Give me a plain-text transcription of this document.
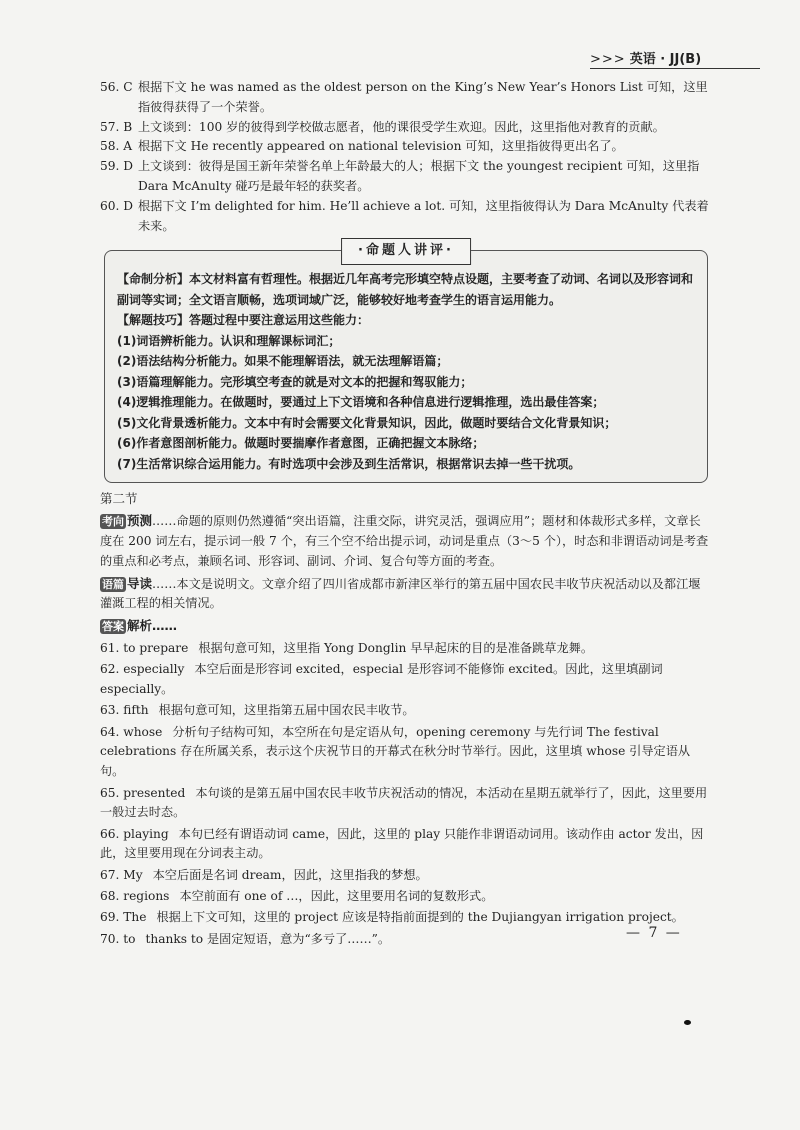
>>> 英语 · JJ(B)
56. C 根据下文 he was named as the oldest person on the King’s New Year’s Honors List 可知，这里指彼得获得了一个荣誉。
57. B 上文谈到：100 岁的彼得到学校做志愿者，他的课很受学生欢迎。因此，这里指他对教育的贡献。
58. A 根据下文 He recently appeared on national television 可知，这里指彼得更出名了。
59. D 上文谈到：彼得是国王新年荣誉名单上年龄最大的人；根据下文 the youngest recipient 可知，这里指 Dara McAnulty 碰巧是最年轻的获奖者。
60. D 根据下文 I’m delighted for him. He’ll achieve a lot. 可知，这里指彼得认为 Dara McAnulty 代表着未来。
·命题人讲评·

【命制分析】本文材料富有哲理性。根据近几年高考完形填空特点设题，主要考查了动词、名词以及形容词和副词等实词；全文语言顺畅，选项词域广泛，能够较好地考查学生的语言运用能力。

【解题技巧】答题过程中要注意运用这些能力：

(1)词语辨析能力。认识和理解课标词汇；

(2)语法结构分析能力。如果不能理解语法，就无法理解语篇；

(3)语篇理解能力。完形填空考查的就是对文本的把握和驾驭能力；

(4)逻辑推理能力。在做题时，要通过上下文语境和各种信息进行逻辑推理，选出最佳答案；

(5)文化背景透析能力。文本中有时会需要文化背景知识，因此，做题时要结合文化背景知识；

(6)作者意图剖析能力。做题时要揣摩作者意图，正确把握文本脉络；

(7)生活常识综合运用能力。有时选项中会涉及到生活常识，根据常识去掉一些干扰项。

第二节
考向 预测……命题的原则仍然遵循“突出语篇，注重交际，讲究灵活，强调应用”；题材和体裁形式多样，文章长度在 200 词左右，提示词一般 7 个，有三个空不给出提示词，动词是重点（3～5 个），时态和非谓语动词是考查的重点和必考点，兼顾名词、形容词、副词、介词、复合句等方面的考查。
语篇 导读……本文是说明文。文章介绍了四川省成都市新津区举行的第五届中国农民丰收节庆祝活动以及都江堰灌溉工程的相关情况。
答案 解析……
61. to prepare 根据句意可知，这里指 Yong Donglin 早早起床的目的是准备跳草龙舞。
62. especially 本空后面是形容词 excited，especial 是形容词不能修饰 excited。因此，这里填副词 especially。
63. fifth 根据句意可知，这里指第五届中国农民丰收节。
64. whose 分析句子结构可知，本空所在句是定语从句，opening ceremony 与先行词 The festival celebrations 存在所属关系，表示这个庆祝节日的开幕式在秋分时节举行。因此，这里填 whose 引导定语从句。
65. presented 本句谈的是第五届中国农民丰收节庆祝活动的情况，本活动在星期五就举行了，因此，这里要用一般过去时态。
66. playing 本句已经有谓语动词 came，因此，这里的 play 只能作非谓语动词用。该动作由 actor 发出，因此，这里要用现在分词表主动。
67. My 本空后面是名词 dream，因此，这里指我的梦想。
68. regions 本空前面有 one of …，因此，这里要用名词的复数形式。
69. The 根据上下文可知，这里的 project 应该是特指前面提到的 the Dujiangyan irrigation project。
70. to thanks to 是固定短语，意为“多亏了……”。	— 7 —
